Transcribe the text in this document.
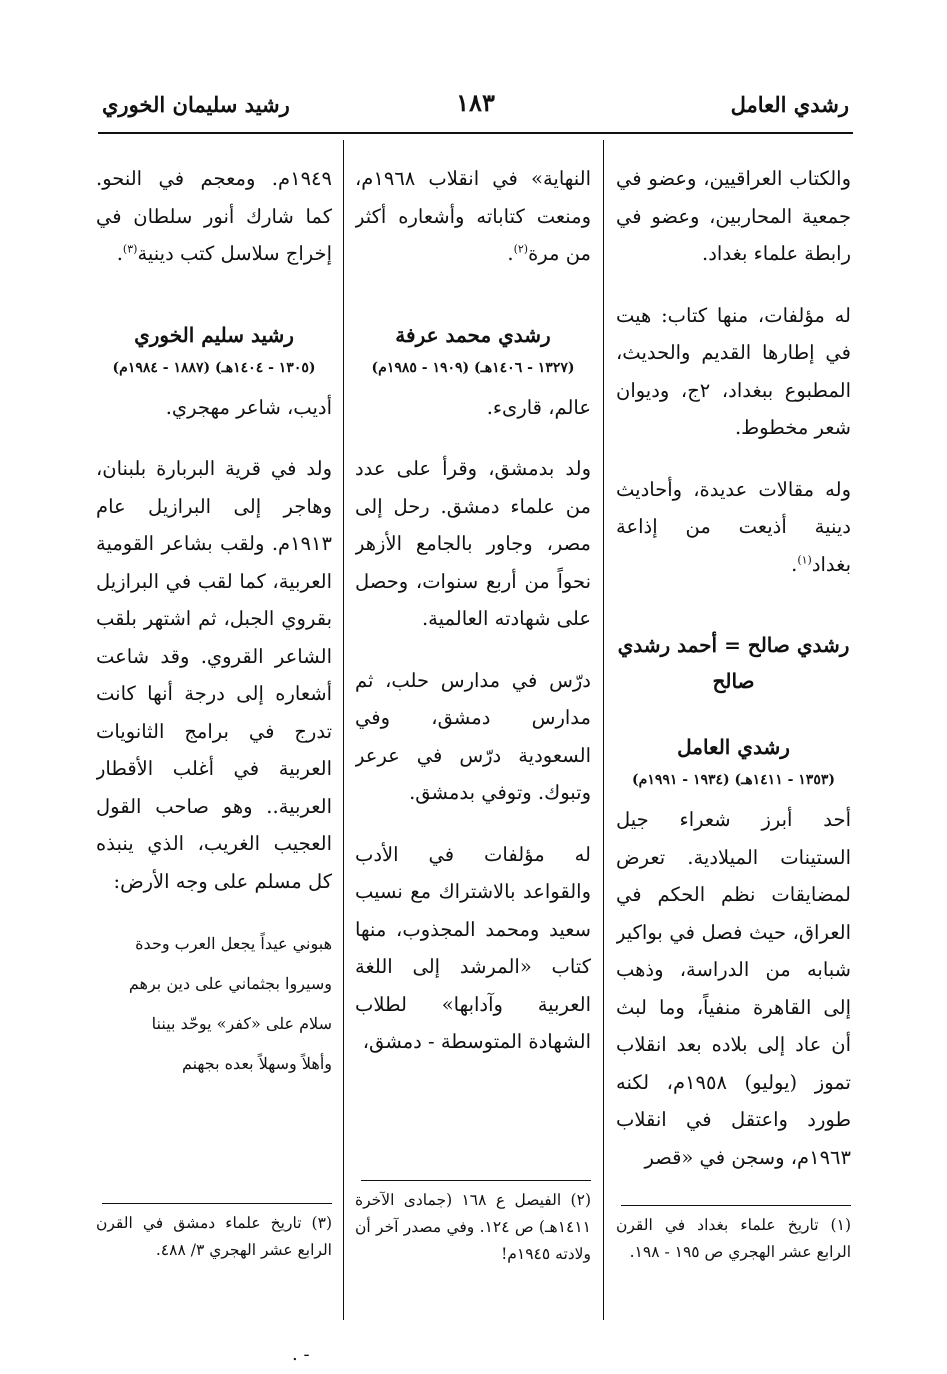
رشدي العامل
١٨٣
رشيد سليمان الخوري

والكتاب العراقيين، وعضو في جمعية المحاربين، وعضو في رابطة علماء بغداد.

له مؤلفات، منها كتاب: هيت في إطارها القديم والحديث، المطبوع ببغداد، ٢ج، وديوان شعر مخطوط.

وله مقالات عديدة، وأحاديث دينية أذيعت من إذاعة بغداد$^{(١)}$.

رشدي صالح = أحمد رشدي صالح
رشدي العامل
(١٣٥٣ - ١٤١١هـ) (١٩٣٤ - ١٩٩١م)

أحد أبرز شعراء جيل الستينات الميلادية. تعرض لمضايقات نظم الحكم في العراق، حيث فصل في بواكير شبابه من الدراسة، وذهب إلى القاهرة منفياً، وما لبث أن عاد إلى بلاده بعد انقلاب تموز (يوليو) ١٩٥٨م، لكنه طورد واعتقل في انقلاب ١٩٦٣م، وسجن في «قصر

النهاية» في انقلاب ١٩٦٨م، ومنعت كتاباته وأشعاره أكثر من مرة$^{(٢)}$.

رشدي محمد عرفة
(١٣٢٧ - ١٤٠٦هـ) (١٩٠٩ - ١٩٨٥م)

عالم، قارىء.

ولد بدمشق، وقرأ على عدد من علماء دمشق. رحل إلى مصر، وجاور بالجامع الأزهر نحواً من أربع سنوات، وحصل على شهادته العالمية.

درّس في مدارس حلب، ثم مدارس دمشق، وفي السعودية درّس في عرعر وتبوك. وتوفي بدمشق.

له مؤلفات في الأدب والقواعد بالاشتراك مع نسيب سعيد ومحمد المجذوب، منها كتاب «المرشد إلى اللغة العربية وآدابها» لطلاب الشهادة المتوسطة - دمشق،

١٩٤٩م. ومعجم في النحو. كما شارك أنور سلطان في إخراج سلاسل كتب دينية$^{(٣)}$.

رشيد سليم الخوري
(١٣٠٥ - ١٤٠٤هـ) (١٨٨٧ - ١٩٨٤م)

أديب، شاعر مهجري.

ولد في قرية البربارة بلبنان، وهاجر إلى البرازيل عام ١٩١٣م. ولقب بشاعر القومية العربية، كما لقب في البرازيل بقروي الجبل، ثم اشتهر بلقب الشاعر القروي. وقد شاعت أشعاره إلى درجة أنها كانت تدرج في برامج الثانويات العربية في أغلب الأقطار العربية.. وهو صاحب القول العجيب الغريب، الذي ينبذه كل مسلم على وجه الأرض:

هبوني عيداً يجعل العرب وحدة
وسيروا بجثماني على دين برهم
سلام على «كفر» يوحّد بيننا
وأهلاً وسهلاً بعده بجهنم
(١) تاريخ علماء بغداد في القرن الرابع عشر الهجري ص ١٩٥ - ١٩٨.
(٢) الفيصل ع ١٦٨ (جمادى الآخرة ١٤١١هـ) ص ١٢٤. وفي مصدر آخر أن ولادته ١٩٤٥م!
(٣) تاريخ علماء دمشق في القرن الرابع عشر الهجري ٣/ ٤٨٨.
- .
